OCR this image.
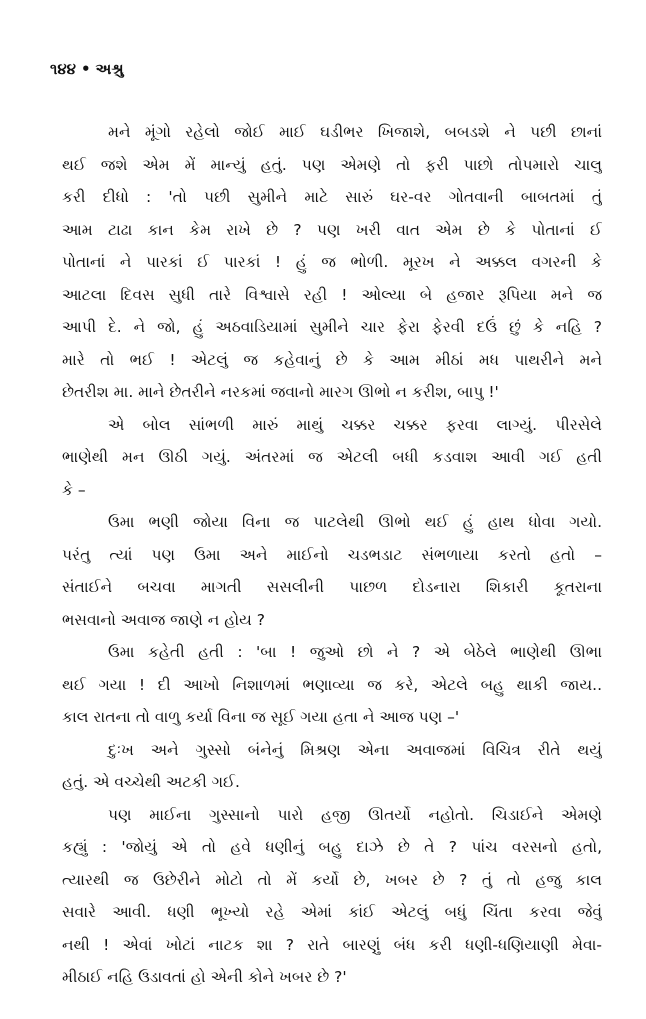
૧૪૪ • અશ્રુ
મને મૂંગો રહેલો જોઈ માઈ ઘડીભર ખિજાશે, બબડશે ને પછી છાનાં
થઈ જશે એમ મેં માન્યું હતું. પણ એમણે તો ફરી પાછો તોપમારો ચાલુ
કરી દીધો : 'તો પછી સુમીને માટે સારું ઘર-વર ગોતવાની બાબતમાં તું
આમ ટાઢા કાન કેમ રાખે છે ? પણ ખરી વાત એમ છે કે પોતાનાં ઈ
પોતાનાં ને પારકાં ઈ પારકાં ! હું જ ભોળી. મૂરખ ને અક્કલ વગરની કે
આટલા દિવસ સુધી તારે વિશ્વાસે રહી ! ઓલ્યા બે હજાર રૂપિયા મને જ
આપી દે. ને જો, હું અઠવાડિયામાં સુમીને ચાર ફેરા ફેરવી દઉં છું કે નહિ ?
મારે તો ભઈ ! એટલું જ કહેવાનું છે કે આમ મીઠાં મધ પાથરીને મને
છેતરીશ મા. માને છેતરીને નરકમાં જવાનો મારગ ઊભો ન કરીશ, બાપુ !'
એ બોલ સાંભળી મારું માથું ચક્કર ચક્કર ફરવા લાગ્યું. પીરસેલે
ભાણેથી મન ઊઠી ગયું. અંતરમાં જ એટલી બધી કડવાશ આવી ગઈ હતી
કે –
ઉમા ભણી જોયા વિના જ પાટલેથી ઊભો થઈ હું હાથ ધોવા ગયો.
પરંતુ ત્યાં પણ ઉમા અને માઈનો ચડભડાટ સંભળાયા કરતો હતો –
સંતાઈને બચવા માગતી સસલીની પાછળ દોડનારા શિકારી કૂતરાના
ભસવાનો અવાજ જાણે ન હોય ?
ઉમા કહેતી હતી : 'બા ! જુઓ છો ને ? એ બેઠેલે ભાણેથી ઊભા
થઈ ગયા ! દી આખો નિશાળમાં ભણાવ્યા જ કરે, એટલે બહુ થાકી જાય..
કાલ રાતના તો વાળુ કર્યા વિના જ સૂઈ ગયા હતા ને આજ પણ –'
દુઃખ અને ગુસ્સો બંનેનું મિશ્રણ એના અવાજમાં વિચિત્ર રીતે થયું
હતું. એ વચ્ચેથી અટકી ગઈ.
પણ માઈના ગુસ્સાનો પારો હજી ઊતર્યો નહોતો. ચિડાઈને એમણે
કહ્યું : 'જોયું એ તો હવે ધણીનું બહુ દાઝે છે તે ? પાંચ વરસનો હતો,
ત્યારથી જ ઉછેરીને મોટો તો મેં કર્યો છે, ખબર છે ? તું તો હજુ કાલ
સવારે આવી. ધણી ભૂખ્યો રહે એમાં કાંઈ એટલું બધું ચિંતા કરવા જેવું
નથી ! એવાં ખોટાં નાટક શા ? રાતે બારણું બંધ કરી ધણી-ધણિયાણી મેવા-
મીઠાઈ નહિ ઉડાવતાં હો એની કોને ખબર છે ?'
